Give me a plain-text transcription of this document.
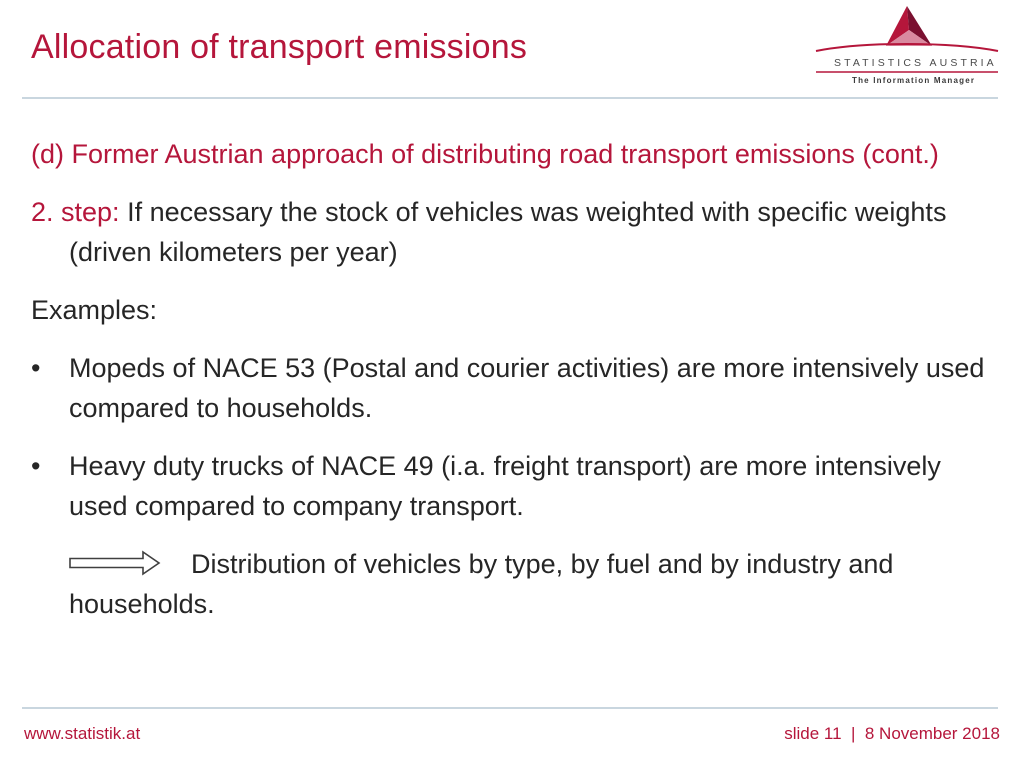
Allocation of transport emissions	STATISTICS AUSTRIA
The Information Manager

(d) Former Austrian approach of distributing road transport emissions (cont.)

2. step: If necessary the stock of vehicles was weighted with specific weights (driven kilometers per year)

Examples:

• Mopeds of NACE 53 (Postal and courier activities) are more intensively used compared to households.
• Heavy duty trucks of NACE 49 (i.a. freight transport) are more intensively used compared to company transport.

Distribution of vehicles by type, by fuel and by industry and households.

www.statistik.at	slide 11  |  8 November 2018
